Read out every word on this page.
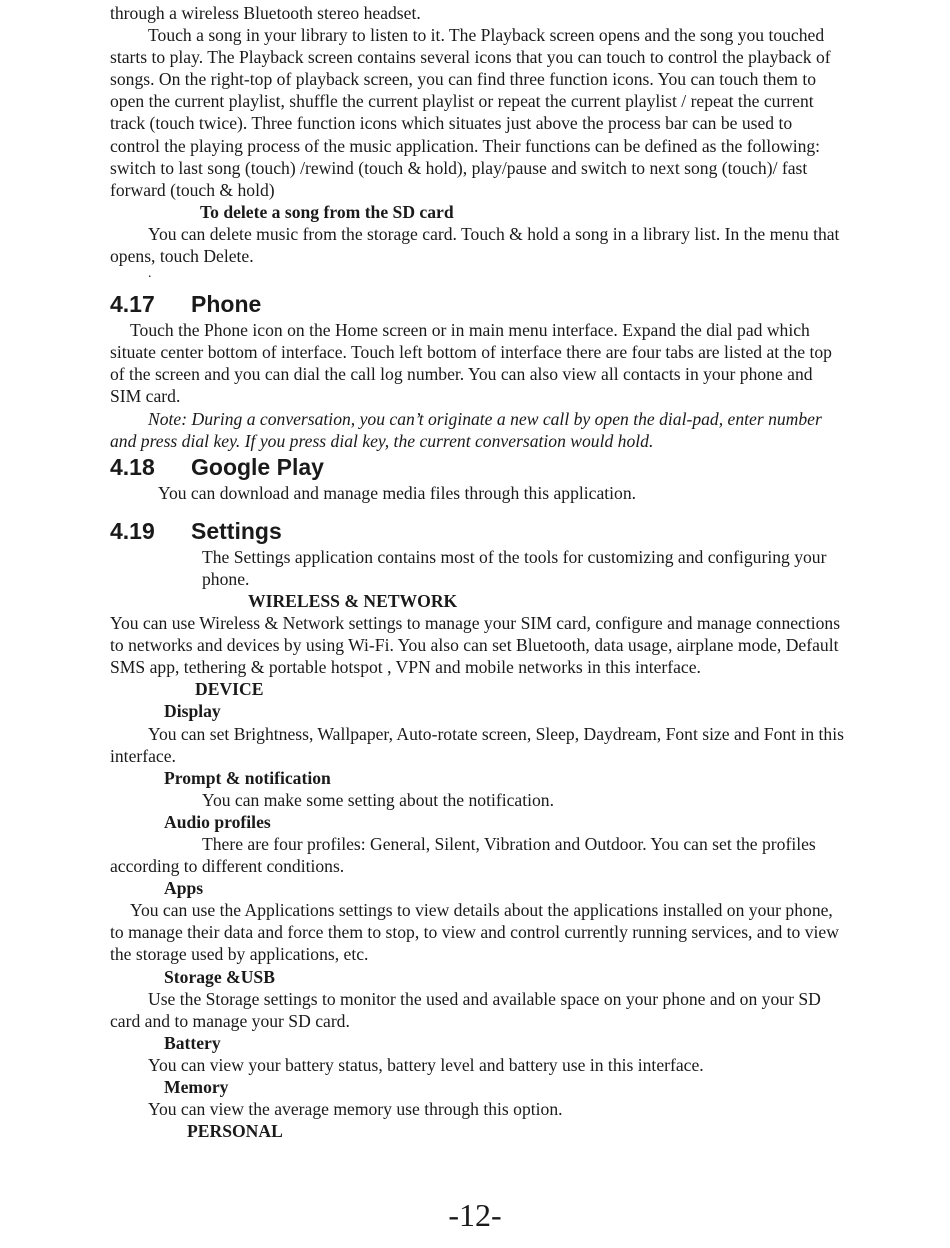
through a wireless Bluetooth stereo headset.

Touch a song in your library to listen to it. The Playback screen opens and the song you touched starts to play. The Playback screen contains several icons that you can touch to control the playback of songs. On the right-top of playback screen, you can find three function icons. You can touch them to open the current playlist, shuffle the current playlist or repeat the current playlist / repeat the current track (touch twice). Three function icons which situates just above the process bar can be used to control the playing process of the music application. Their functions can be defined as the following: switch to last song (touch) /rewind (touch & hold), play/pause and switch to next song (touch)/ fast forward (touch & hold)

To delete a song from the SD card

You can delete music from the storage card. Touch & hold a song in a library list. In the menu that opens, touch Delete.

.
4.17 Phone

Touch the Phone icon on the Home screen or in main menu interface. Expand the dial pad which situate center bottom of interface. Touch left bottom of interface there are four tabs are listed at the top of the screen and you can dial the call log number. You can also view all contacts in your phone and SIM card.

Note: During a conversation, you can’t originate a new call by open the dial-pad, enter number and press dial key. If you press dial key, the current conversation would hold.

4.18 Google Play

You can download and manage media files through this application.

4.19 Settings

The Settings application contains most of the tools for customizing and configuring your phone.

WIRELESS & NETWORK

You can use Wireless & Network settings to manage your SIM card, configure and manage connections to networks and devices by using Wi-Fi. You also can set Bluetooth, data usage, airplane mode, Default SMS app, tethering & portable hotspot , VPN and mobile networks in this interface.

DEVICE

Display

You can set Brightness, Wallpaper, Auto-rotate screen, Sleep, Daydream, Font size and Font in this interface.

Prompt & notification

You can make some setting about the notification.

Audio profiles

There are four profiles: General, Silent, Vibration and Outdoor. You can set the profiles according to different conditions.

Apps

You can use the Applications settings to view details about the applications installed on your phone, to manage their data and force them to stop, to view and control currently running services, and to view the storage used by applications, etc.

Storage &USB

Use the Storage settings to monitor the used and available space on your phone and on your SD card and to manage your SD card.

Battery

You can view your battery status, battery level and battery use in this interface.

Memory

You can view the average memory use through this option.

PERSONAL

-12-
